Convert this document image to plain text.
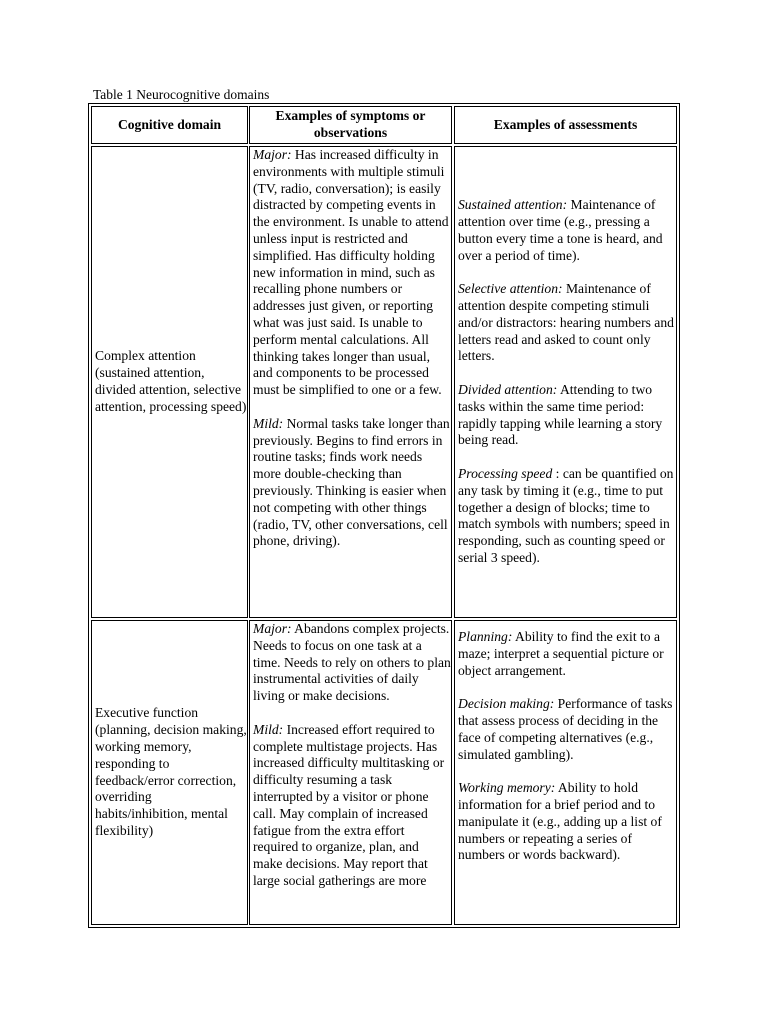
Table 1 Neurocognitive domains
Cognitive domain
Examples of symptoms or observations
Examples of assessments
Complex attention (sustained attention, divided attention, selective attention, processing speed)

Major: Has increased difficulty in environments with multiple stimuli (TV, radio, conversation); is easily distracted by competing events in the environment. Is unable to attend unless input is restricted and simplified. Has difficulty holding new information in mind, such as recalling phone numbers or addresses just given, or reporting what was just said. Is unable to perform mental calculations. All thinking takes longer than usual, and components to be processed must be simplified to one or a few.

Mild: Normal tasks take longer than previously. Begins to find errors in routine tasks; finds work needs more double-checking than previously. Thinking is easier when not competing with other things (radio, TV, other conversations, cell phone, driving).

Sustained attention: Maintenance of attention over time (e.g., pressing a button every time a tone is heard, and over a period of time).

Selective attention: Maintenance of attention despite competing stimuli and/or distractors: hearing numbers and letters read and asked to count only letters.

Divided attention: Attending to two tasks within the same time period: rapidly tapping while learning a story being read.

Processing speed : can be quantified on any task by timing it (e.g., time to put together a design of blocks; time to match symbols with numbers; speed in responding, such as counting speed or serial 3 speed).

Executive function (planning, decision making, working memory, responding to feedback/error correction, overriding habits/inhibition, mental flexibility)

Major: Abandons complex projects. Needs to focus on one task at a time. Needs to rely on others to plan instrumental activities of daily living or make decisions.

Mild: Increased effort required to complete multistage projects. Has increased difficulty multitasking or difficulty resuming a task interrupted by a visitor or phone call. May complain of increased fatigue from the extra effort required to organize, plan, and make decisions. May report that large social gatherings are more

Planning: Ability to find the exit to a maze; interpret a sequential picture or object arrangement.

Decision making: Performance of tasks that assess process of deciding in the face of competing alternatives (e.g., simulated gambling).

Working memory: Ability to hold information for a brief period and to manipulate it (e.g., adding up a list of numbers or repeating a series of numbers or words backward).
